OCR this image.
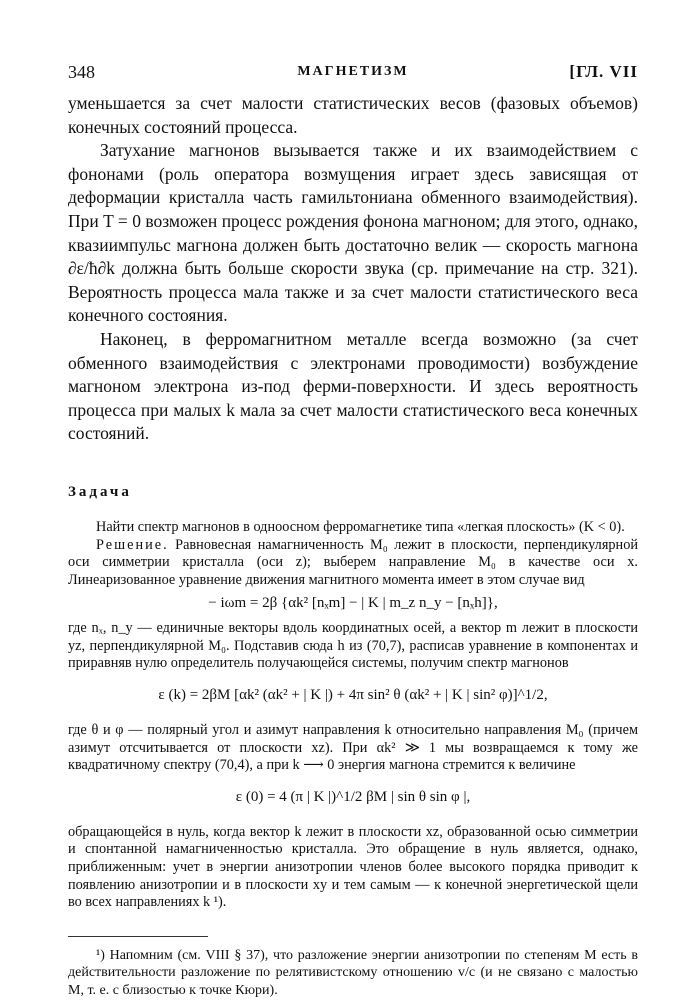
348	МАГНЕТИЗМ	[ГЛ. VII

уменьшается за счет малости статистических весов (фазовых объемов) конечных состояний процесса.

Затухание магнонов вызывается также и их взаимодействием с фононами (роль оператора возмущения играет здесь зависящая от деформации кристалла часть гамильтониана обменного взаимодействия). При T = 0 возможен процесс рождения фонона магноном; для этого, однако, квазиимпульс магнона должен быть достаточно велик — скорость магнона ∂ε/ħ∂k должна быть больше скорости звука (ср. примечание на стр. 321). Вероятность процесса мала также и за счет малости статистического веса конечного состояния.

Наконец, в ферромагнитном металле всегда возможно (за счет обменного взаимодействия с электронами проводимости) возбуждение магноном электрона из-под ферми-поверхности. И здесь вероятность процесса при малых k мала за счет малости статистического веса конечных состояний.

Задача

Найти спектр магнонов в одноосном ферромагнетике типа «легкая плоскость» (K < 0).

Решение. Равновесная намагниченность M₀ лежит в плоскости, перпендикулярной оси симметрии кристалла (оси z); выберем направление M₀ в качестве оси x. Линеаризованное уравнение движения магнитного момента имеет в этом случае вид

− iωm = 2β {αk² [nₓm] − | K | m_z n_y − [nₓh]},

где nₓ, n_y — единичные векторы вдоль координатных осей, а вектор m лежит в плоскости yz, перпендикулярной M₀. Подставив сюда h из (70,7), расписав уравнение в компонентах и приравняв нулю определитель получающейся системы, получим спектр магнонов

ε (k) = 2βM [αk² (αk² + | K |) + 4π sin² θ (αk² + | K | sin² φ)]^1/2,

где θ и φ — полярный угол и азимут направления k относительно направления M₀ (причем азимут отсчитывается от плоскости xz). При αk² ≫ 1 мы возвращаемся к тому же квадратичному спектру (70,4), а при k ⟶ 0 энергия магнона стремится к величине

ε (0) = 4 (π | K |)^1/2 βM | sin θ sin φ |,

обращающейся в нуль, когда вектор k лежит в плоскости xz, образованной осью симметрии и спонтанной намагниченностью кристалла. Это обращение в нуль является, однако, приближенным: учет в энергии анизотропии членов более высокого порядка приводит к появлению анизотропии и в плоскости xy и тем самым — к конечной энергетической щели во всех направлениях k ¹).

¹) Напомним (см. VIII § 37), что разложение энергии анизотропии по степеням M есть в действительности разложение по релятивистскому отношению v/c (и не связано с малостью M, т. е. с близостью к точке Кюри).
